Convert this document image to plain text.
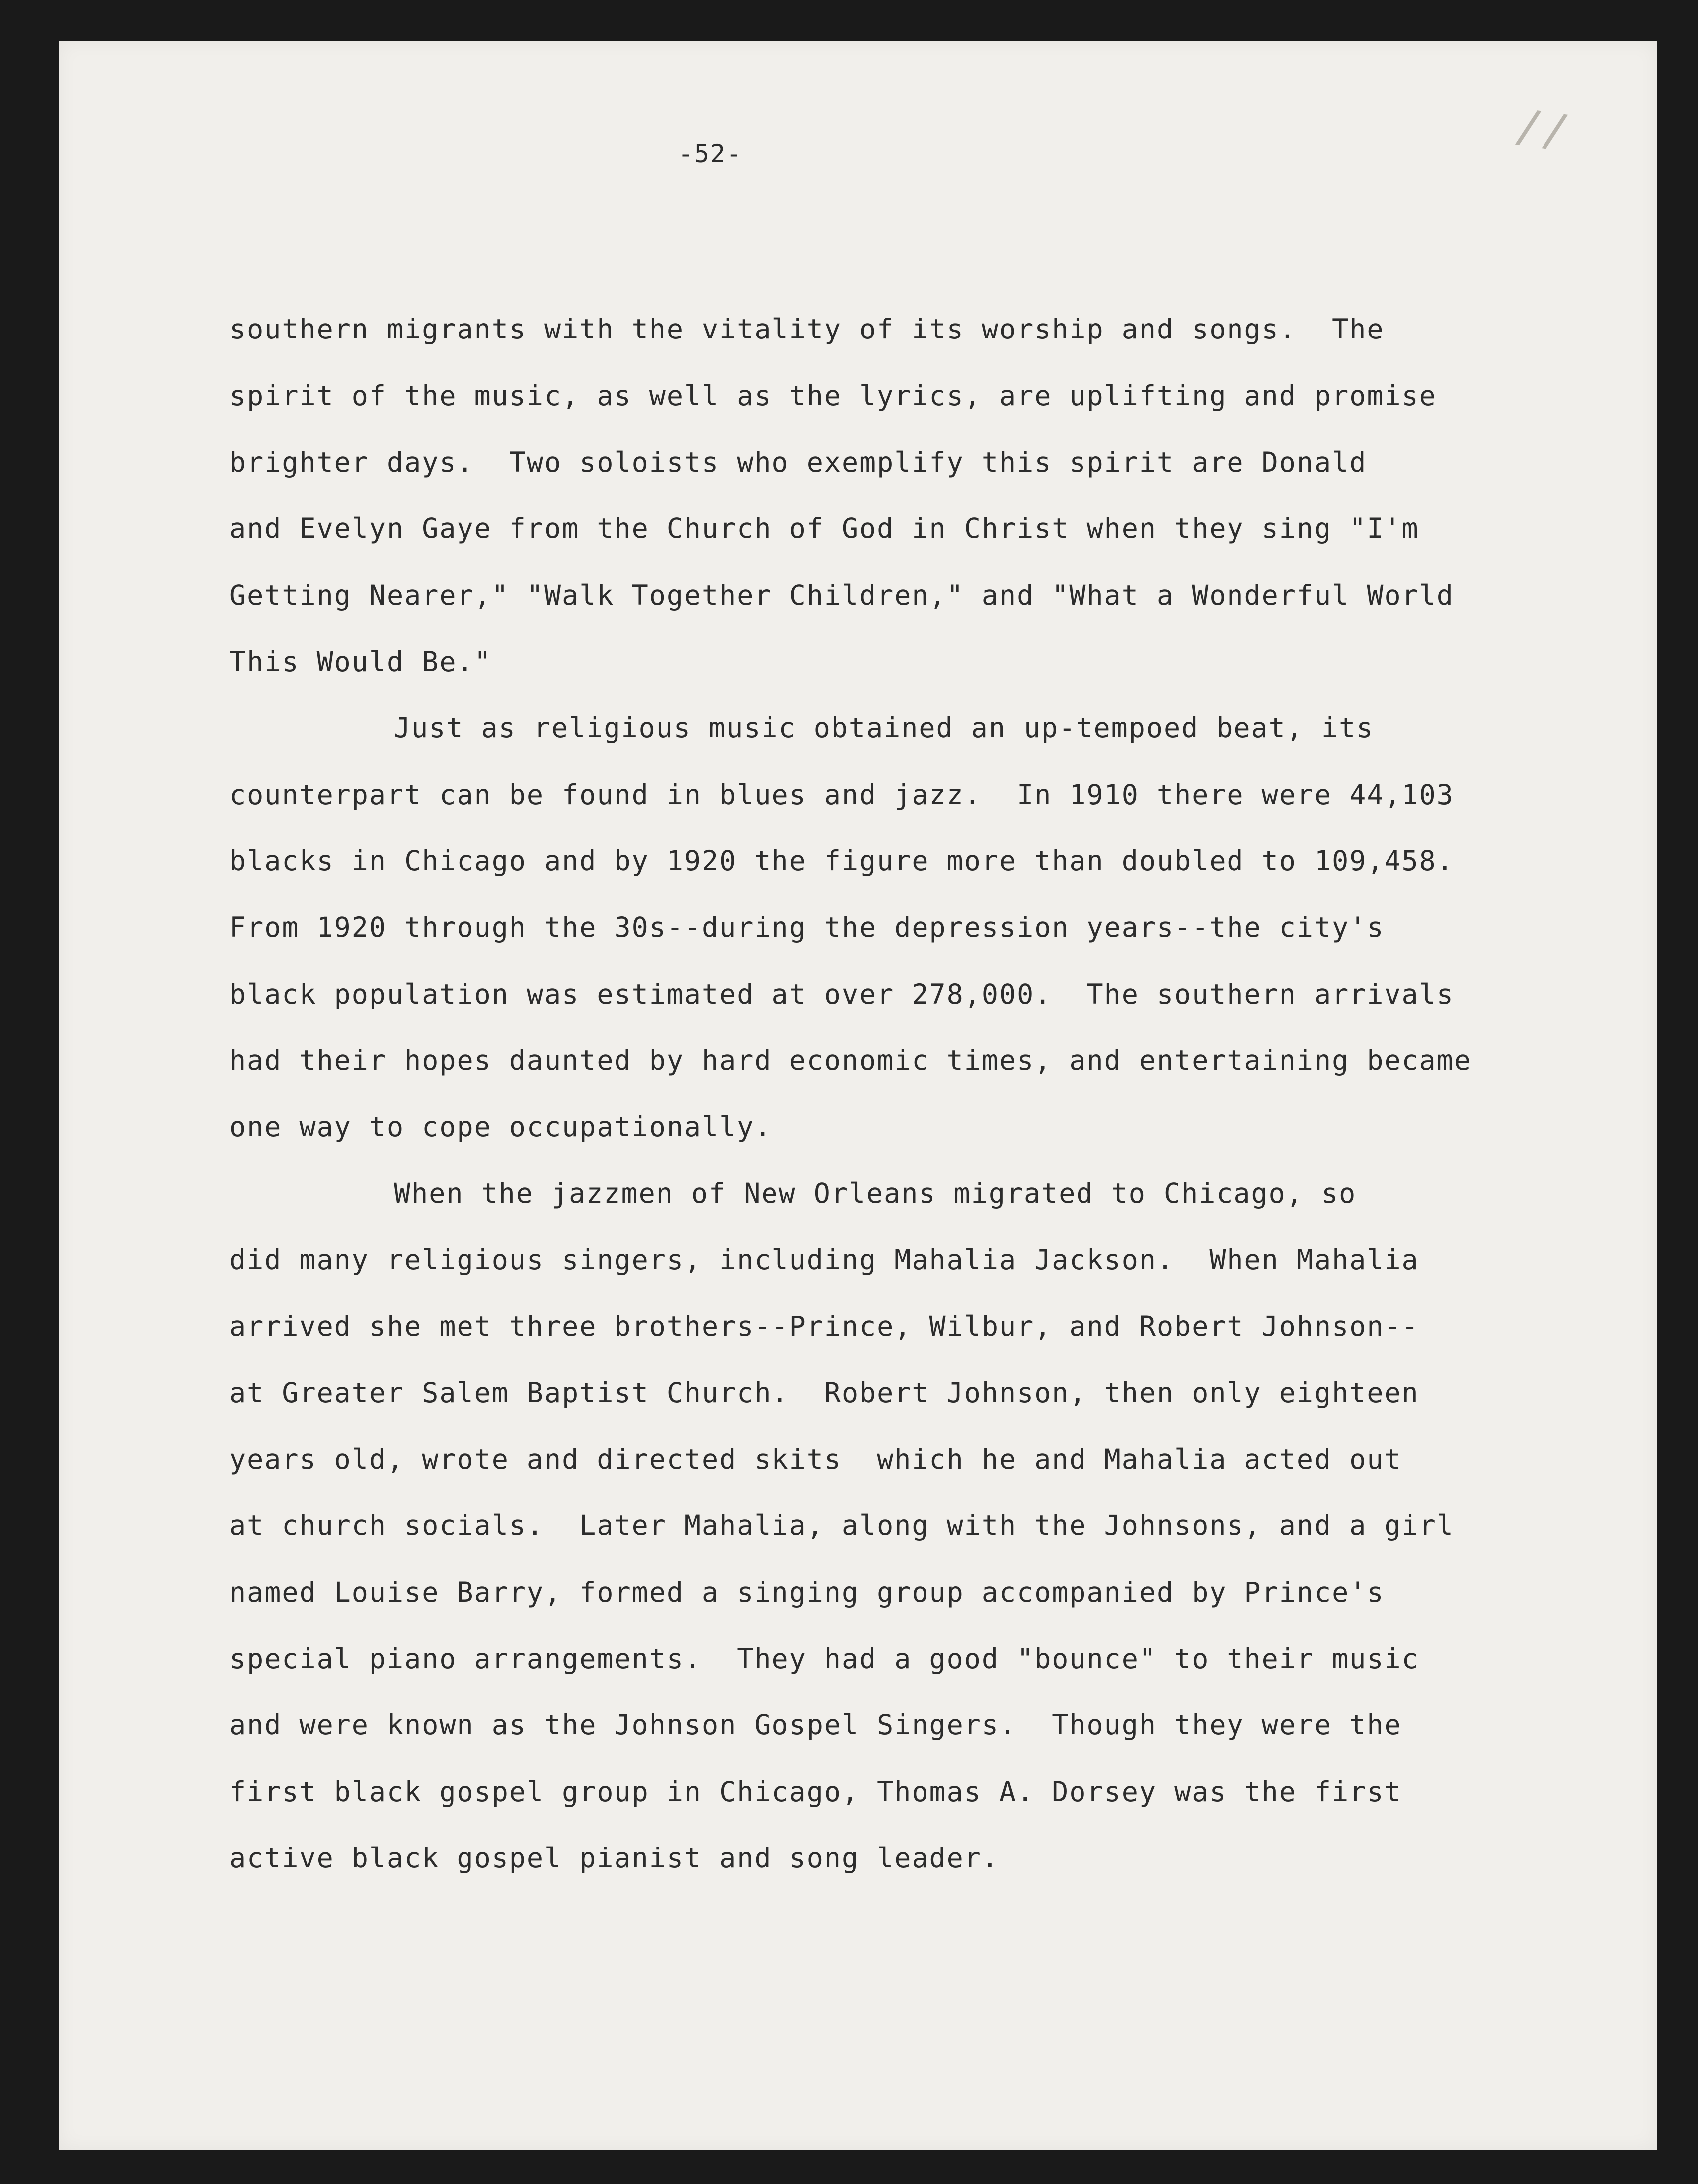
//
-52-
southern migrants with the vitality of its worship and songs.  The
spirit of the music, as well as the lyrics, are uplifting and promise
brighter days.  Two soloists who exemplify this spirit are Donald
and Evelyn Gaye from the Church of God in Christ when they sing "I'm
Getting Nearer," "Walk Together Children," and "What a Wonderful World
This Would Be."
Just as religious music obtained an up-tempoed beat, its
counterpart can be found in blues and jazz.  In 1910 there were 44,103
blacks in Chicago and by 1920 the figure more than doubled to 109,458.
From 1920 through the 30s--during the depression years--the city's
black population was estimated at over 278,000.  The southern arrivals
had their hopes daunted by hard economic times, and entertaining became
one way to cope occupationally.
When the jazzmen of New Orleans migrated to Chicago, so
did many religious singers, including Mahalia Jackson.  When Mahalia
arrived she met three brothers--Prince, Wilbur, and Robert Johnson--
at Greater Salem Baptist Church.  Robert Johnson, then only eighteen
years old, wrote and directed skits  which he and Mahalia acted out
at church socials.  Later Mahalia, along with the Johnsons, and a girl
named Louise Barry, formed a singing group accompanied by Prince's
special piano arrangements.  They had a good "bounce" to their music
and were known as the Johnson Gospel Singers.  Though they were the
first black gospel group in Chicago, Thomas A. Dorsey was the first
active black gospel pianist and song leader.
